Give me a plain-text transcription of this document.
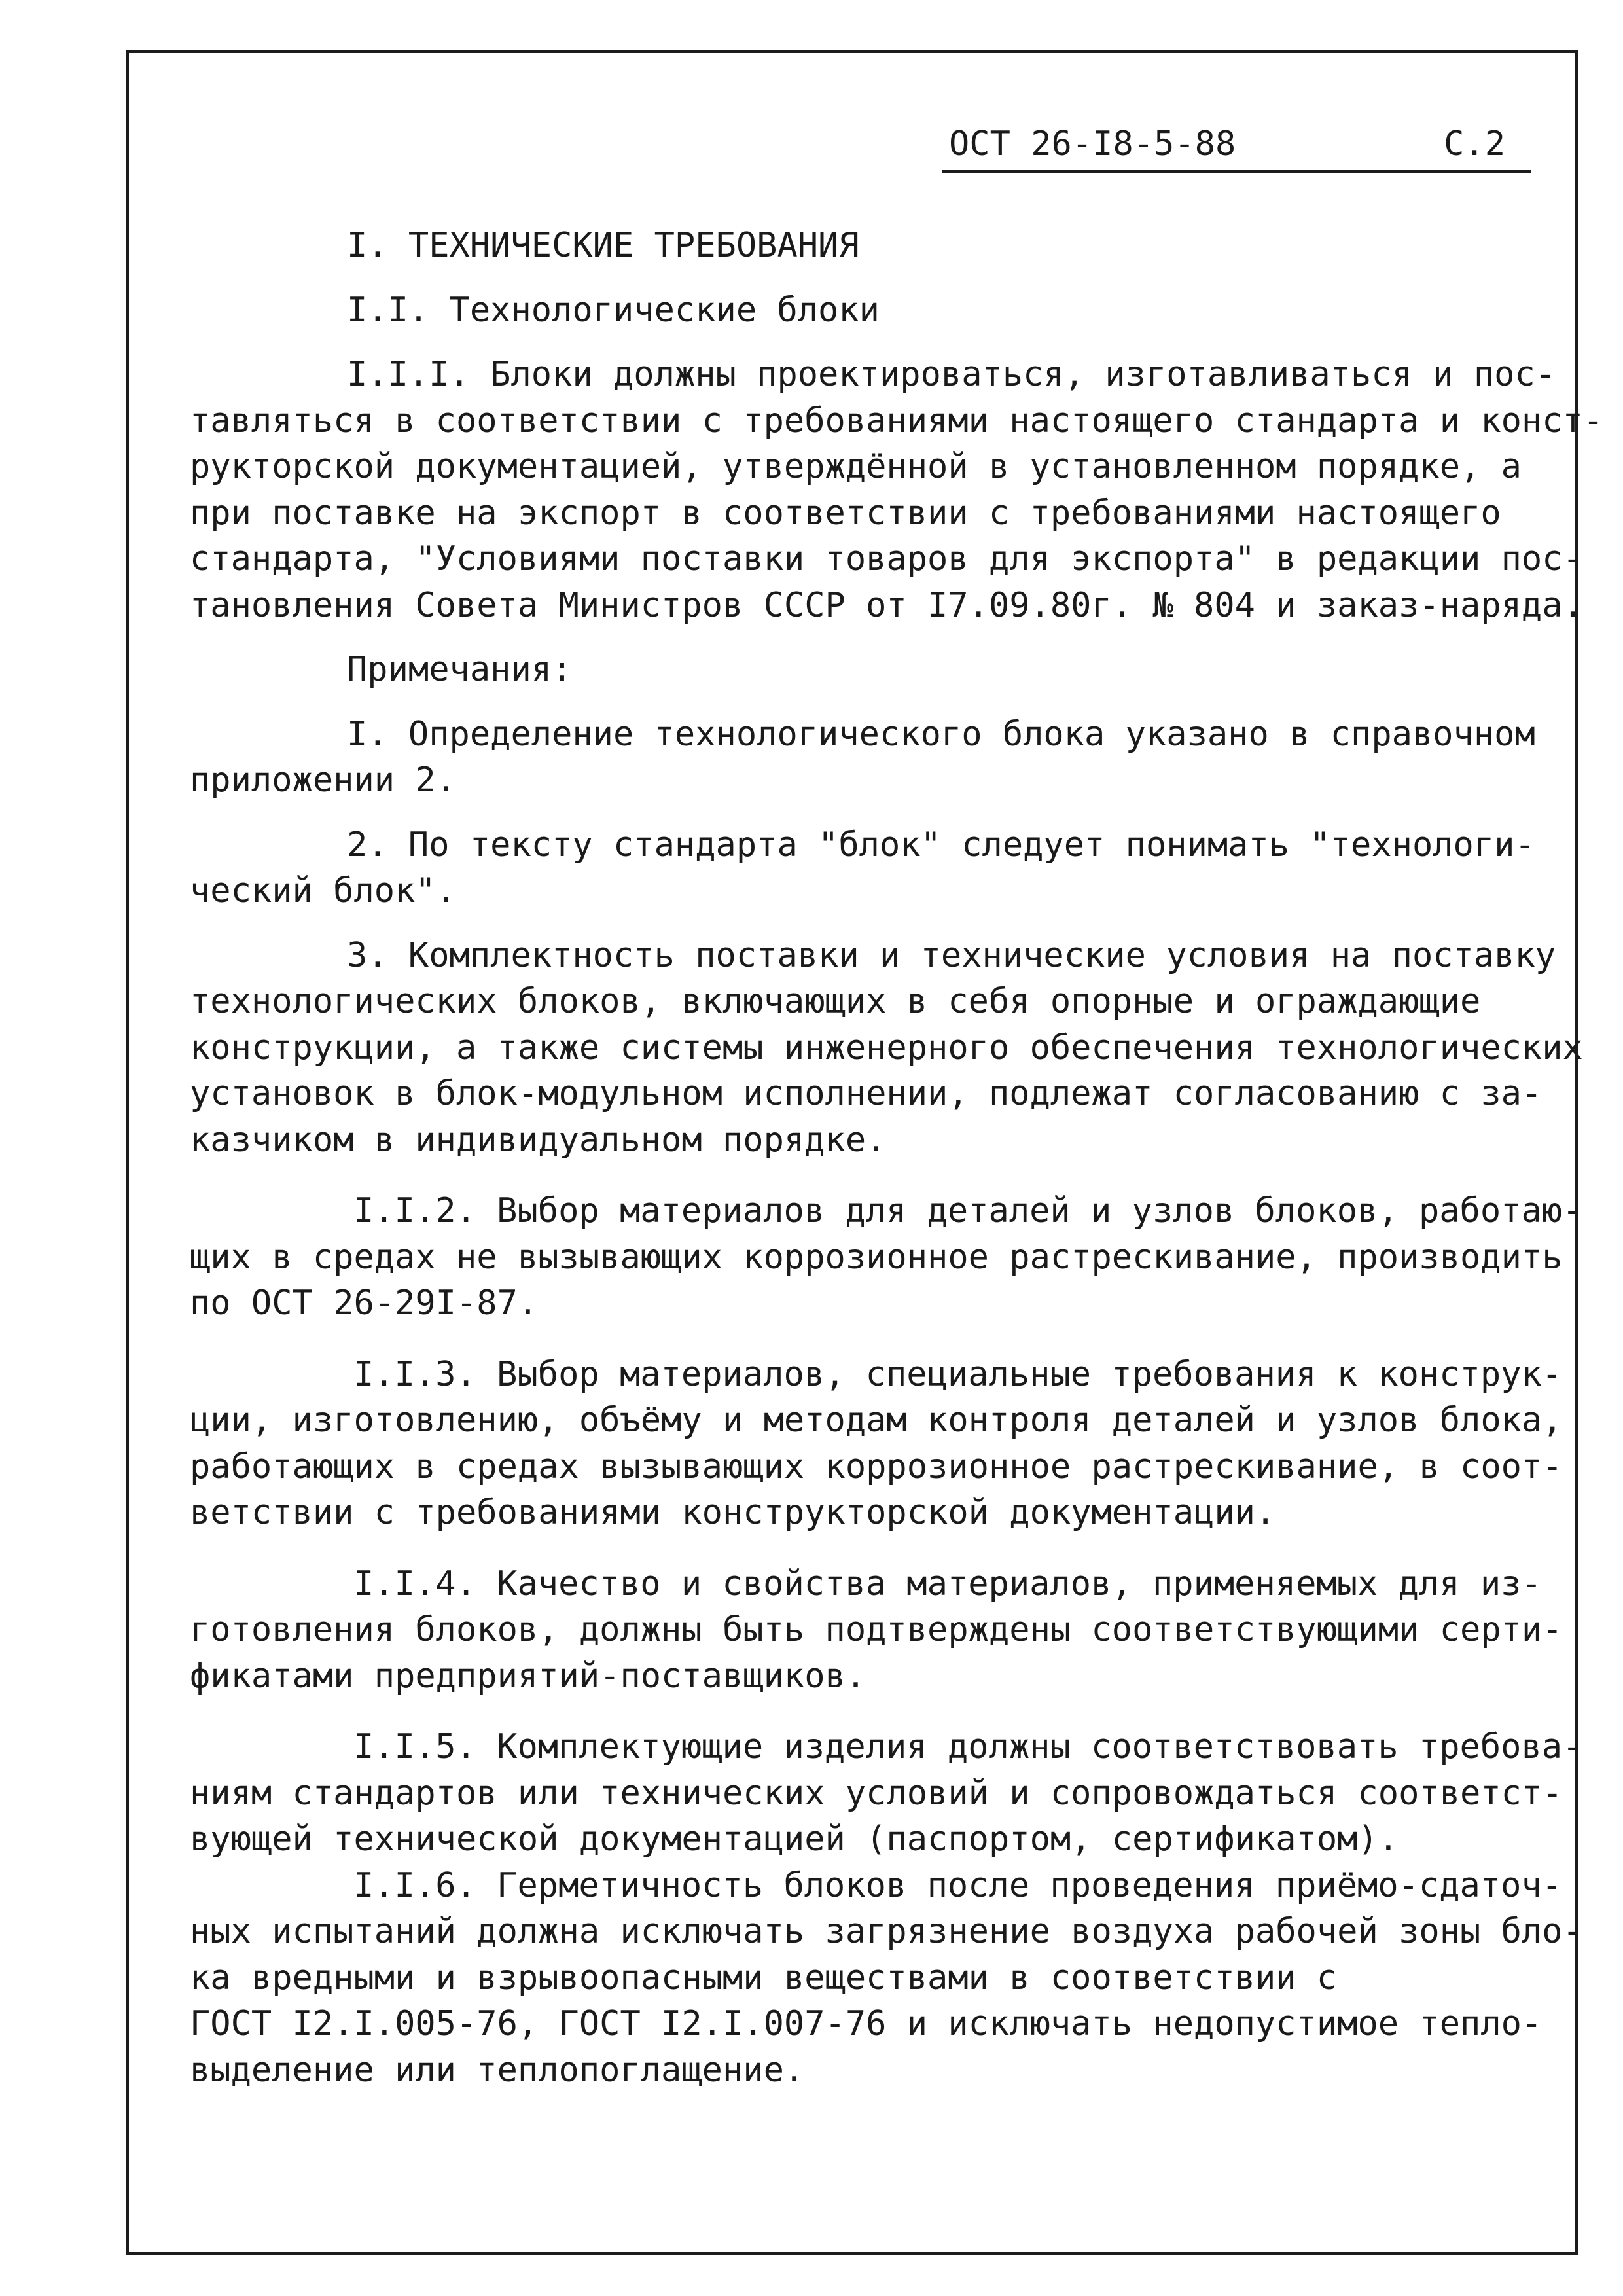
ОСТ 26-I8-5-88	С.2
I. ТЕХНИЧЕСКИЕ ТРЕБОВАНИЯ
I.I. Технологические блоки
I.I.I. Блоки должны проектироваться, изготавливаться и пос-
тавляться в соответствии с требованиями настоящего стандарта и конст-
рукторской документацией, утверждённой в установленном порядке, а
при поставке на экспорт в соответствии с требованиями настоящего
стандарта, "Условиями поставки товаров для экспорта" в редакции пос-
тановления Совета Министров СССР от I7.09.80г. № 804 и заказ-наряда.
Примечания:
I. Определение технологического блока указано в справочном
приложении 2.
2. По тексту стандарта "блок" следует понимать "технологи-
ческий блок".
3. Комплектность поставки и технические условия на поставку
технологических блоков, включающих в себя опорные и ограждающие
конструкции, а также системы инженерного обеспечения технологических
установок в блок-модульном исполнении, подлежат согласованию с за-
казчиком в индивидуальном порядке.
I.I.2. Выбор материалов для деталей и узлов блоков, работаю-
щих в средах не вызывающих коррозионное растрескивание, производить
по ОСТ 26-29I-87.
I.I.3. Выбор материалов, специальные требования к конструк-
ции, изготовлению, объёму и методам контроля деталей и узлов блока,
работающих в средах вызывающих коррозионное растрескивание, в соот-
ветствии с требованиями конструкторской документации.
I.I.4. Качество и свойства материалов, применяемых для из-
готовления блоков, должны быть подтверждены соответствующими серти-
фикатами предприятий-поставщиков.
I.I.5. Комплектующие изделия должны соответствовать требова-
ниям стандартов или технических условий и сопровождаться соответст-
вующей технической документацией (паспортом, сертификатом).
I.I.6. Герметичность блоков после проведения приёмо-сдаточ-
ных испытаний должна исключать загрязнение воздуха рабочей зоны бло-
ка вредными и взрывоопасными веществами в соответствии с
ГОСТ I2.I.005-76, ГОСТ I2.I.007-76 и исключать недопустимое тепло-
выделение или теплопоглащение.
